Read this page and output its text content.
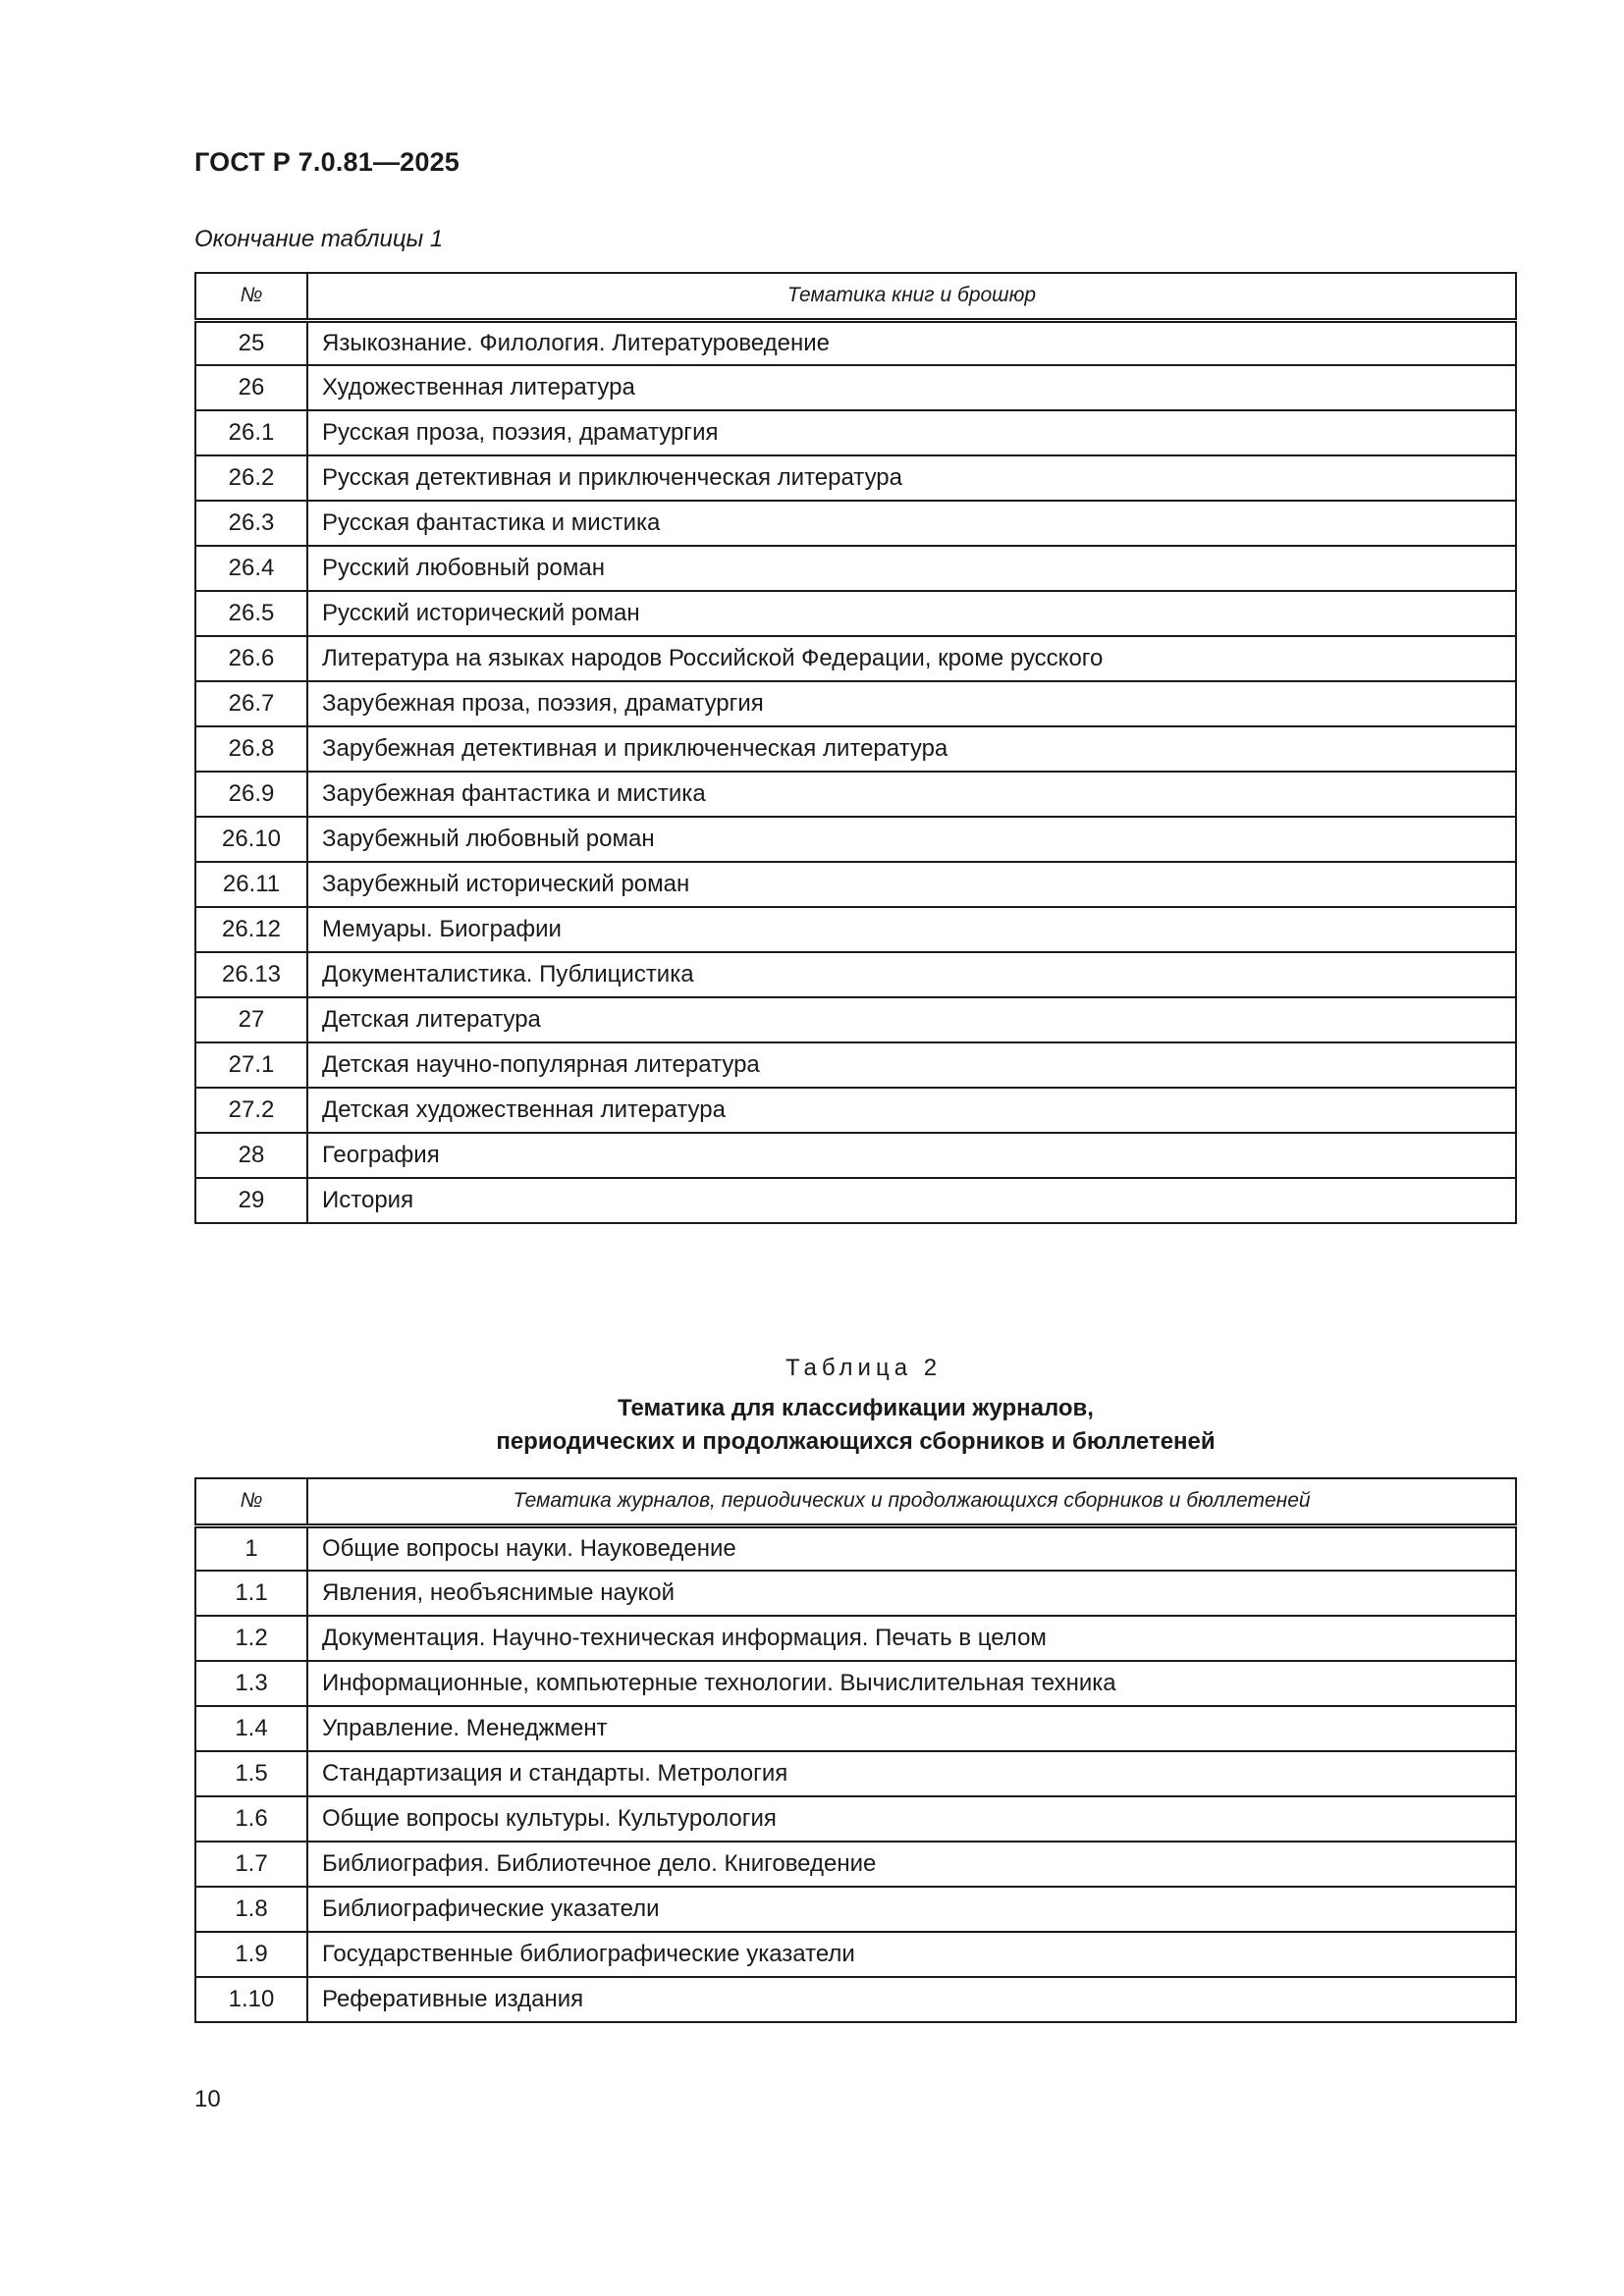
ГОСТ Р 7.0.81—2025
Окончание таблицы 1
№	Тематика книг и брошюр
25	Языкознание. Филология. Литературоведение
26	Художественная литература
26.1	Русская проза, поэзия, драматургия
26.2	Русская детективная и приключенческая литература
26.3	Русская фантастика и мистика
26.4	Русский любовный роман
26.5	Русский исторический роман
26.6	Литература на языках народов Российской Федерации, кроме русского
26.7	Зарубежная проза, поэзия, драматургия
26.8	Зарубежная детективная и приключенческая литература
26.9	Зарубежная фантастика и мистика
26.10	Зарубежный любовный роман
26.11	Зарубежный исторический роман
26.12	Мемуары. Биографии
26.13	Документалистика. Публицистика
27	Детская литература
27.1	Детская научно-популярная литература
27.2	Детская художественная литература
28	География
29	История
Таблица 2
Тематика для классификации журналов,
периодических и продолжающихся сборников и бюллетеней
№	Тематика журналов, периодических и продолжающихся сборников и бюллетеней
1	Общие вопросы науки. Науковедение
1.1	Явления, необъяснимые наукой
1.2	Документация. Научно-техническая информация. Печать в целом
1.3	Информационные, компьютерные технологии. Вычислительная техника
1.4	Управление. Менеджмент
1.5	Стандартизация и стандарты. Метрология
1.6	Общие вопросы культуры. Культурология
1.7	Библиография. Библиотечное дело. Книговедение
1.8	Библиографические указатели
1.9	Государственные библиографические указатели
1.10	Реферативные издания
10
